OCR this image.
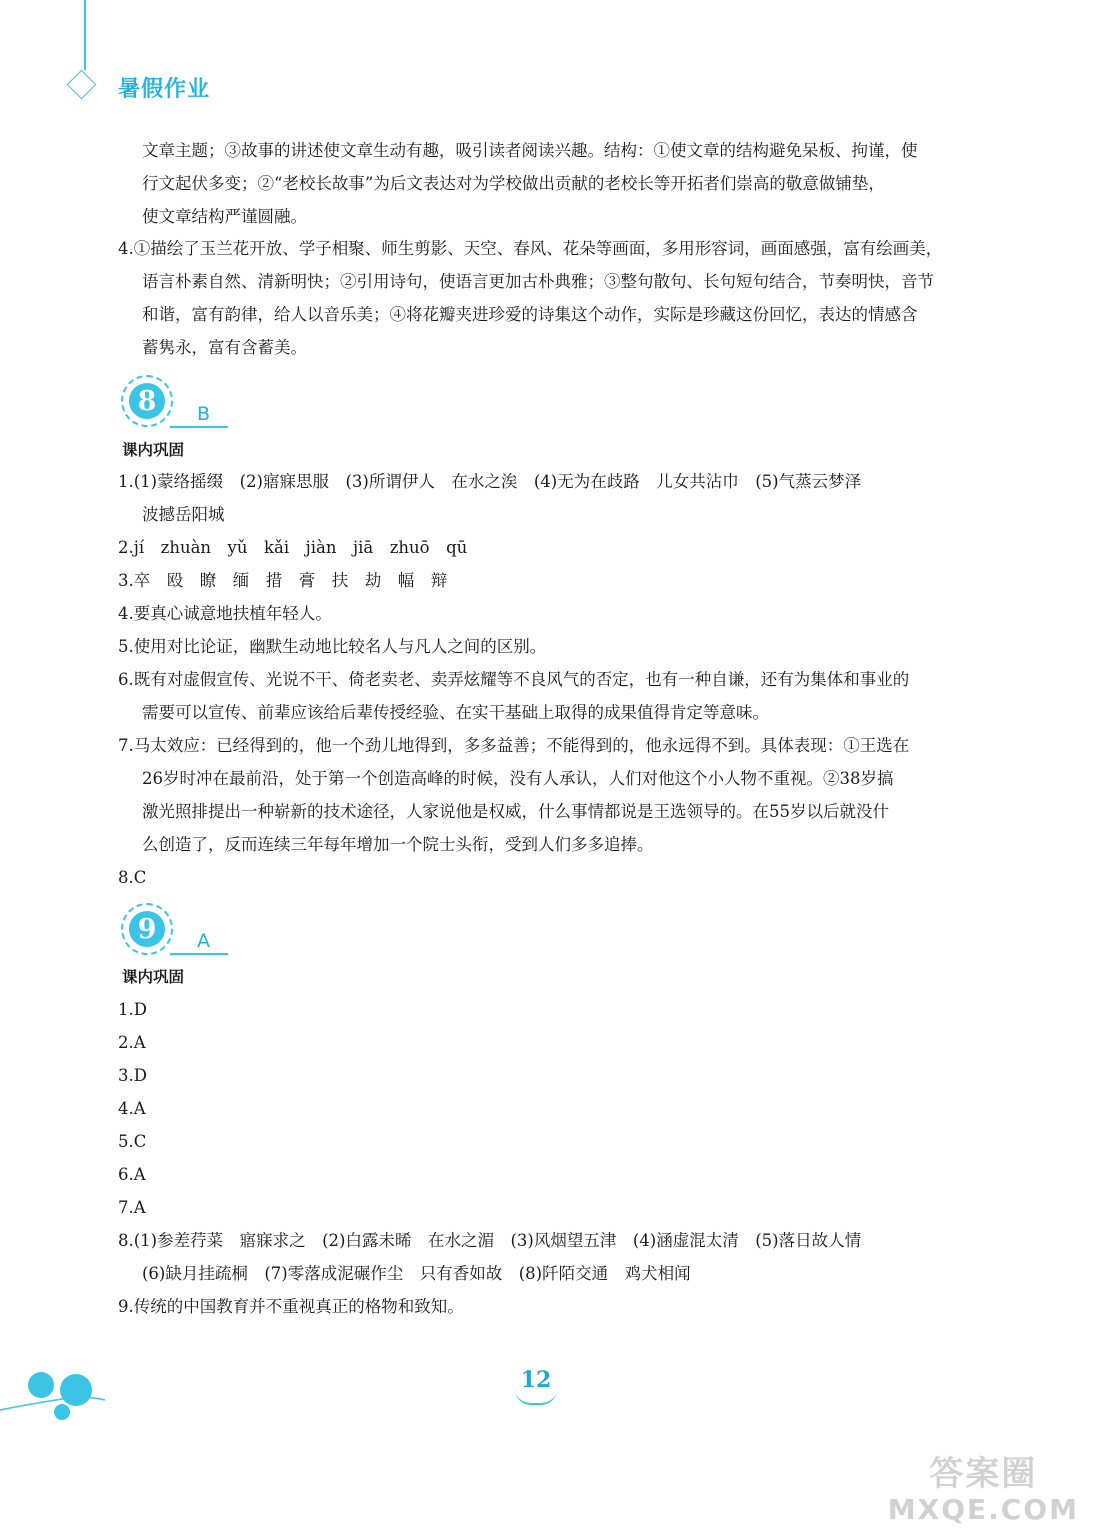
暑假作业
文章主题；③故事的讲述使文章生动有趣，吸引读者阅读兴趣。结构：①使文章的结构避免呆板、拘谨，使
行文起伏多变；②“老校长故事”为后文表达对为学校做出贡献的老校长等开拓者们崇高的敬意做铺垫，
使文章结构严谨圆融。
4.①描绘了玉兰花开放、学子相聚、师生剪影、天空、春风、花朵等画面，多用形容词，画面感强，富有绘画美，
语言朴素自然、清新明快；②引用诗句，使语言更加古朴典雅；③整句散句、长句短句结合，节奏明快，音节
和谐，富有韵律，给人以音乐美；④将花瓣夹进珍爱的诗集这个动作，实际是珍藏这份回忆，表达的情感含
蓄隽永，富有含蓄美。
8	B
课内巩固
1.(1)蒙络摇缀　(2)寤寐思服　(3)所谓伊人　在水之涘　(4)无为在歧路　儿女共沾巾　(5)气蒸云梦泽
波撼岳阳城
2.jí　zhuàn　yǔ　kǎi　jiàn　jiā　zhuō　qū
3.卒　殴　瞭　缅　措　膏　扶　劫　幅　辩
4.要真心诚意地扶植年轻人。
5.使用对比论证，幽默生动地比较名人与凡人之间的区别。
6.既有对虚假宣传、光说不干、倚老卖老、卖弄炫耀等不良风气的否定，也有一种自谦，还有为集体和事业的
需要可以宣传、前辈应该给后辈传授经验、在实干基础上取得的成果值得肯定等意味。
7.马太效应：已经得到的，他一个劲儿地得到，多多益善；不能得到的，他永远得不到。具体表现：①王选在
26岁时冲在最前沿，处于第一个创造高峰的时候，没有人承认，人们对他这个小人物不重视。②38岁搞
激光照排提出一种崭新的技术途径，人家说他是权威，什么事情都说是王选领导的。在55岁以后就没什
么创造了，反而连续三年每年增加一个院士头衔，受到人们多多追捧。
8.C
9	A
课内巩固
1.D
2.A
3.D
4.A
5.C
6.A
7.A
8.(1)参差荇菜　寤寐求之　(2)白露未晞　在水之湄　(3)风烟望五津　(4)涵虚混太清　(5)落日故人情
(6)缺月挂疏桐　(7)零落成泥碾作尘　只有香如故　(8)阡陌交通　鸡犬相闻
9.传统的中国教育并不重视真正的格物和致知。
12
答案圈
MXQE.COM
